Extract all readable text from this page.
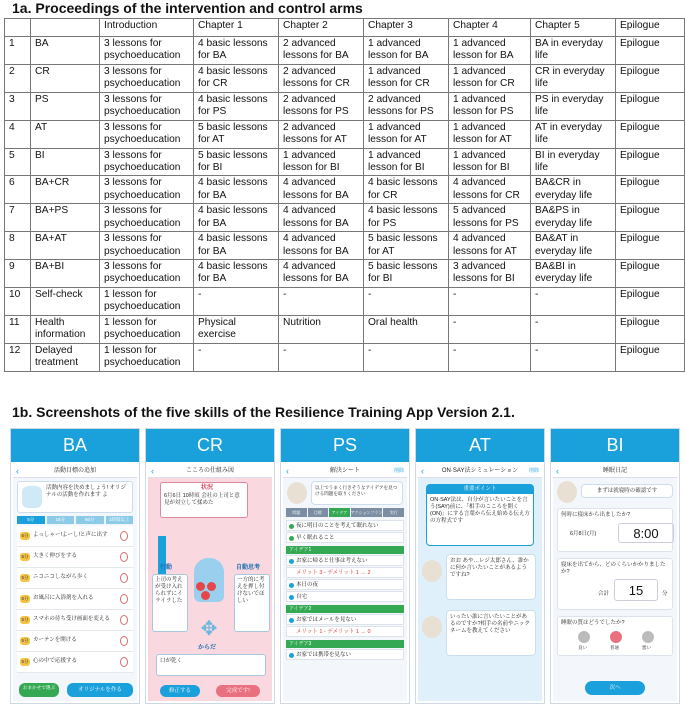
1a. Proceedings of the intervention and control arms
		Introduction	Chapter 1	Chapter 2	Chapter 3	Chapter 4	Chapter 5	Epilogue
1	BA	3 lessons for psychoeducation	4 basic lessons for BA	2 advanced lessons for BA	1 advanced lesson for BA	1 advanced lesson for BA	BA in everyday life	Epilogue
2	CR	3 lessons for psychoeducation	4 basic lessons for CR	2 advanced lessons for CR	1 advanced lesson for CR	1 advanced lesson for CR	CR in everyday life	Epilogue
3	PS	3 lessons for psychoeducation	4 basic lessons for PS	2 advanced lessons for PS	2 advanced lessons for PS	1 advanced lesson for PS	PS in everyday life	Epilogue
4	AT	3 lessons for psychoeducation	5 basic lessons for AT	2 advanced lessons for AT	1 advanced lesson for AT	1 advanced lesson for AT	AT in everyday life	Epilogue
5	BI	3 lessons for psychoeducation	5 basic lessons for BI	1 advanced lesson for BI	1 advanced lesson for BI	1 advanced lesson for BI	BI in everyday life	Epilogue
6	BA+CR	3 lessons for psychoeducation	4 basic lessons for BA	4 advanced lessons for BA	4 basic lessons for CR	4 advanced lessons for CR	BA&CR in everyday life	Epilogue
7	BA+PS	3 lessons for psychoeducation	4 basic lessons for BA	4 advanced lessons for BA	4 basic lessons for PS	5 advanced lessons for PS	BA&PS in everyday life	Epilogue
8	BA+AT	3 lessons for psychoeducation	4 basic lessons for BA	4 advanced lessons for BA	5 basic lessons for AT	4 advanced lessons for AT	BA&AT in everyday life	Epilogue
9	BA+BI	3 lessons for psychoeducation	4 basic lessons for BA	4 advanced lessons for BA	5 basic lessons for BI	3 advanced lessons for BI	BA&BI in everyday life	Epilogue
10	Self-check	1 lesson for psychoeducation	-	-	-	-	-	Epilogue
11	Health information	1 lesson for psychoeducation	Physical exercise	Nutrition	Oral health	-	-	Epilogue
12	Delayed treatment	1 lesson for psychoeducation	-	-	-	-	-	Epilogue
1b. Screenshots of the five skills of the Resilience Training App Version 2.1.
BA
‹	活動目標の追加
活動内容を決めましょう! オリジナルの活動を作れます よ
5分	15分	60分	1時間以上
5分 よっしゃー!よーし!と声に出す
5分 大きく伸びをする
5分 ニコニコしながら歩く
5分 お風呂に入浴剤を入れる
5分 スマホの待ち受け画面を変える
5分 カーテンを開ける
5分 心の中で応援する
おまかせで選ぶ	オリジナルを作る
CR
‹	こころの仕組み図
状況
6月6日 10時頃 会社の上司と意見が対立して揉めた
行動
上司の考えが受け入れられずにイライラした
自動思考
一方的に考えを押し付けないでほしい
✥
からだ
口が乾く
修正する	完成です!
PS
‹	解決シート	削除
以上でうまく行きそうなアイデアを見つける問題を取りください
問題	目標	アイデア アクションプラン	実行
夜に明日のことを考えて眠れない
早く眠れること
アイデア1
お家に帰ると仕事は考えない
メリット 3 - デメリット 1 → 2
本日の夜
自宅
アイデア2
お家ではメールを見ない
メリット 1 - デメリット 1 → 0
アイデア3
お家では携帯を見ない
AT
‹	ON·SAY法シミュレーション 削除
重要ポイント
ON·SAY法は、自分が言いたいことを言う(SAY)前に、「相手のこころを開く(ON)」にする言葉から伝え始める伝え方の方程式です
おお あや…レジ太郎さん、誰かに何か言いたいことがあるようですね?
いったい誰に言いたいことがあるのですか?相手の名前やニックネームを教えてください
BI
‹	睡眠日記
まずは就寝時の確認です
何時に寝床から出ましたか?
6月8日(月)	8:00
寝床を出てから、どのくらいかかりましたか?
合計	15	分
睡眠の質はどうでしたか?
良い	普通	悪い
次へ
